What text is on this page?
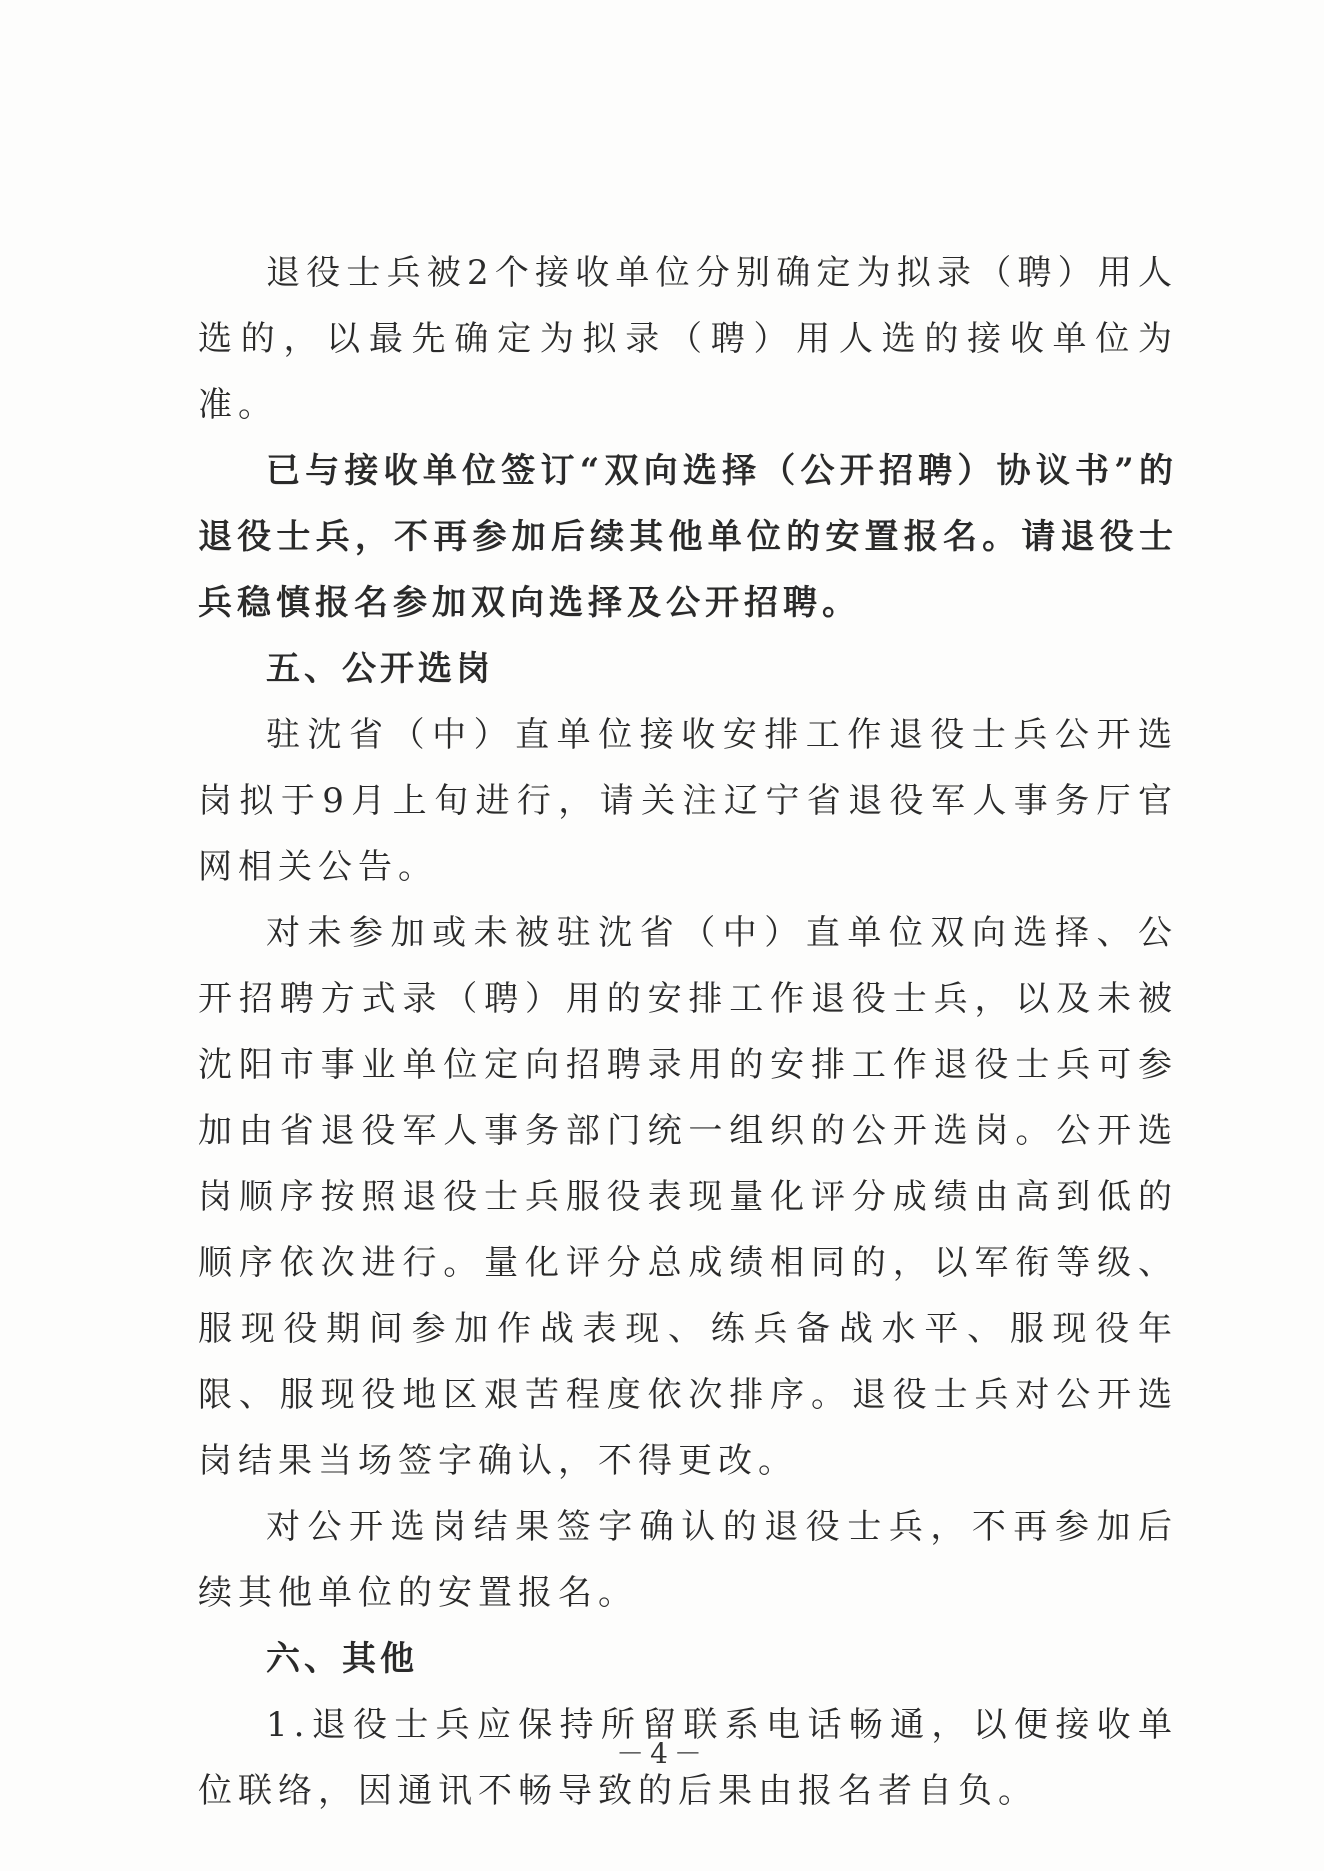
退役士兵被2个接收单位分别确定为拟录（聘）用人选的，以最先确定为拟录（聘）用人选的接收单位为准。

已与接收单位签订“双向选择（公开招聘）协议书”的退役士兵，不再参加后续其他单位的安置报名。请退役士兵稳慎报名参加双向选择及公开招聘。

五、公开选岗

驻沈省（中）直单位接收安排工作退役士兵公开选岗拟于9月上旬进行，请关注辽宁省退役军人事务厅官网相关公告。

对未参加或未被驻沈省（中）直单位双向选择、公开招聘方式录（聘）用的安排工作退役士兵，以及未被沈阳市事业单位定向招聘录用的安排工作退役士兵可参加由省退役军人事务部门统一组织的公开选岗。公开选岗顺序按照退役士兵服役表现量化评分成绩由高到低的顺序依次进行。量化评分总成绩相同的，以军衔等级、服现役期间参加作战表现、练兵备战水平、服现役年限、服现役地区艰苦程度依次排序。退役士兵对公开选岗结果当场签字确认，不得更改。

对公开选岗结果签字确认的退役士兵，不再参加后续其他单位的安置报名。

六、其他

1.退役士兵应保持所留联系电话畅通，以便接收单位联络，因通讯不畅导致的后果由报名者自负。

－4－
